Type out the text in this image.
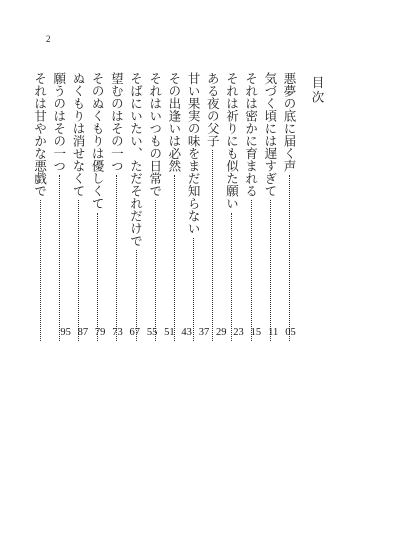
2
目次
悪夢の底に届く声
気づく頃には遅すぎて
それは密かに育まれる
それは祈りにも似た願い
ある夜の父子
甘い果実の味をまだ知らない
その出逢いは必然
それはいつもの日常で
そばにいたい、ただそれだけで
望むのはその一つ
そのぬくもりは優しくて
ぬくもりは消せなくて
願うのはその一つ
それは甘やかな悪戯で
05
11
15
23
29
37
43
51
55
67
73
79
87
95
